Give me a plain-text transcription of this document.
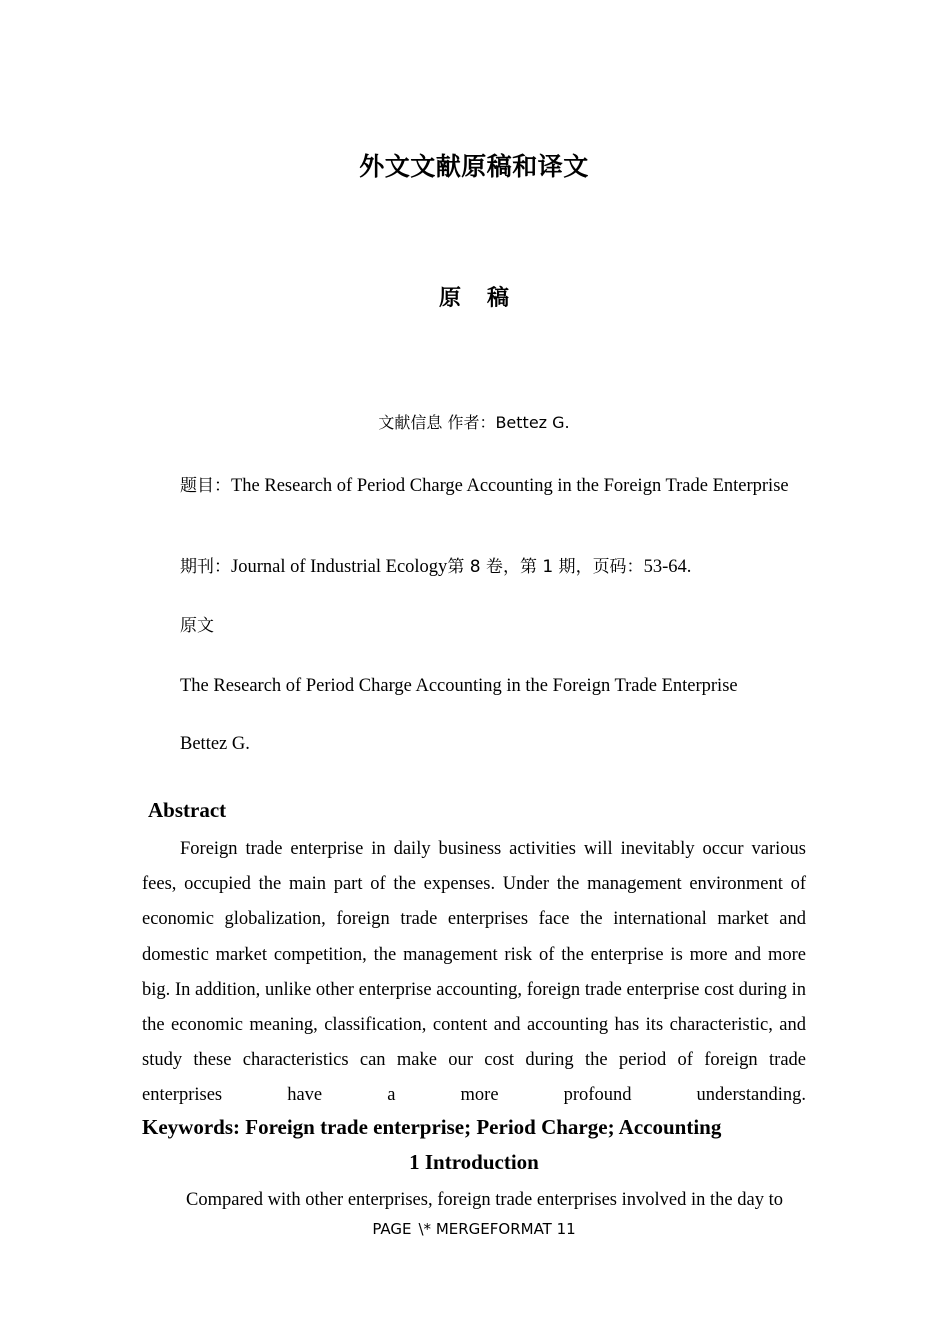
外文文献原稿和译文
原 稿
文献信息 作者：Bettez G.
题目：The Research of Period Charge Accounting in the Foreign Trade Enterprise
期刊：Journal of Industrial Ecology第 8 卷，第 1 期，页码：53-64.
原文
The Research of Period Charge Accounting in the Foreign Trade Enterprise
Bettez G.
Abstract
Foreign trade enterprise in daily business activities will inevitably occur various fees, occupied the main part of the expenses. Under the management environment of economic globalization, foreign trade enterprises face the international market and domestic market competition, the management risk of the enterprise is more and more big. In addition, unlike other enterprise accounting, foreign trade enterprise cost during in the economic meaning, classification, content and accounting has its characteristic, and study these characteristics can make our cost during the period of foreign trade enterprises have a more profound understanding.
Keywords: Foreign trade enterprise; Period Charge; Accounting
1 Introduction
Compared with other enterprises, foreign trade enterprises involved in the day to
PAGE \* MERGEFORMAT 11
